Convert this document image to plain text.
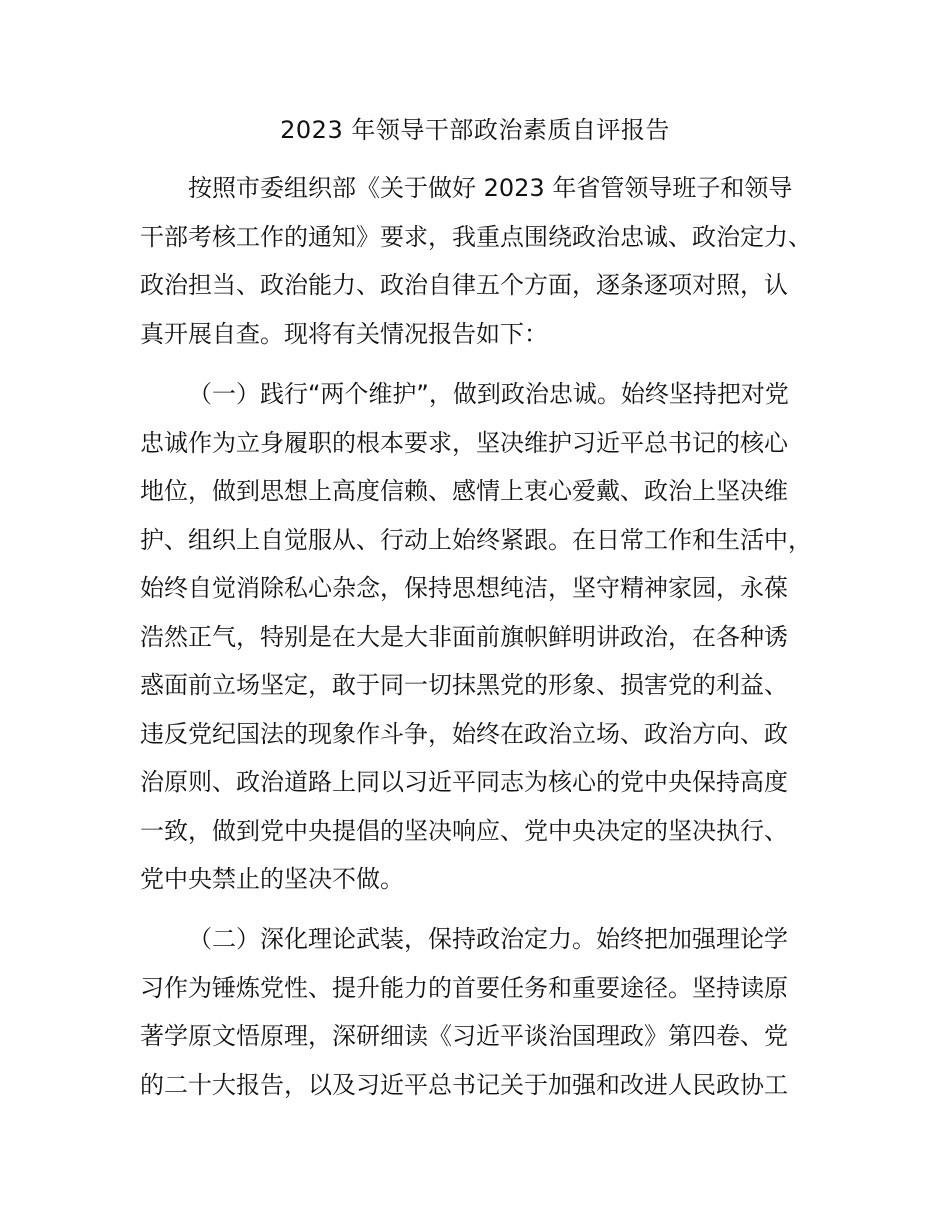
2023 年领导干部政治素质自评报告
按照市委组织部《关于做好 2023 年省管领导班子和领导
干部考核工作的通知》要求，我重点围绕政治忠诚、政治定力、
政治担当、政治能力、政治自律五个方面，逐条逐项对照，认
真开展自查。现将有关情况报告如下：
（一）践行“两个维护”，做到政治忠诚。始终坚持把对党
忠诚作为立身履职的根本要求，坚决维护习近平总书记的核心
地位，做到思想上高度信赖、感情上衷心爱戴、政治上坚决维
护、组织上自觉服从、行动上始终紧跟。在日常工作和生活中，
始终自觉消除私心杂念，保持思想纯洁，坚守精神家园，永葆
浩然正气，特别是在大是大非面前旗帜鲜明讲政治，在各种诱
惑面前立场坚定，敢于同一切抹黑党的形象、损害党的利益、
违反党纪国法的现象作斗争，始终在政治立场、政治方向、政
治原则、政治道路上同以习近平同志为核心的党中央保持高度
一致，做到党中央提倡的坚决响应、党中央决定的坚决执行、
党中央禁止的坚决不做。
（二）深化理论武装，保持政治定力。始终把加强理论学
习作为锤炼党性、提升能力的首要任务和重要途径。坚持读原
著学原文悟原理，深研细读《习近平谈治国理政》第四卷、党
的二十大报告，以及习近平总书记关于加强和改进人民政协工
